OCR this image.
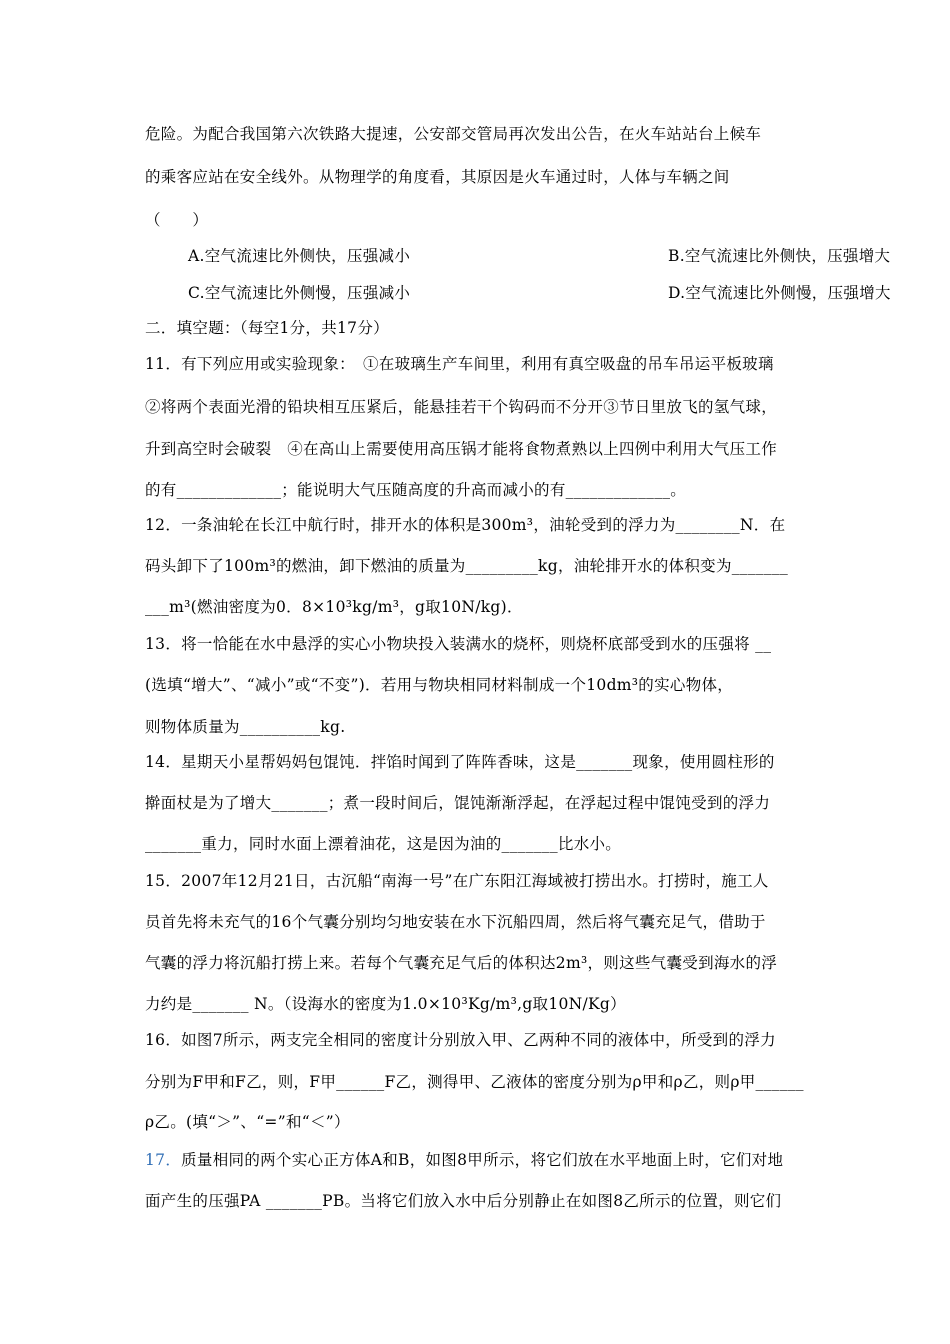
危险。为配合我国第六次铁路大提速，公安部交管局再次发出公告，在火车站站台上候车
的乘客应站在安全线外。从物理学的角度看，其原因是火车通过时，人体与车辆之间
（　　）
A.空气流速比外侧快，压强减小	B.空气流速比外侧快，压强增大
C.空气流速比外侧慢，压强减小	D.空气流速比外侧慢，压强增大
二．填空题：（每空1分，共17分）
11．有下列应用或实验现象：　①在玻璃生产车间里，利用有真空吸盘的吊车吊运平板玻璃
②将两个表面光滑的铅块相互压紧后，能悬挂若干个钩码而不分开③节日里放飞的氢气球，
升到高空时会破裂　④在高山上需要使用高压锅才能将食物煮熟以上四例中利用大气压工作
的有_____________；能说明大气压随高度的升高而减小的有_____________。
12．一条油轮在长江中航行时，排开水的体积是300m³，油轮受到的浮力为________N．在
码头卸下了100m³的燃油，卸下燃油的质量为_________kg，油轮排开水的体积变为_______
___m³(燃油密度为0．8×10³kg/m³，g取10N/kg)．
13．将一恰能在水中悬浮的实心小物块投入装满水的烧杯，则烧杯底部受到水的压强将 __
(选填“增大”、“减小”或“不变”)．若用与物块相同材料制成一个10dm³的实心物体，
则物体质量为__________kg.
14．星期天小星帮妈妈包馄饨．拌馅时闻到了阵阵香味，这是_______现象，使用圆柱形的
擀面杖是为了增大_______；煮一段时间后，馄饨渐渐浮起，在浮起过程中馄饨受到的浮力
_______重力，同时水面上漂着油花，这是因为油的_______比水小。
15．2007年12月21日，古沉船“南海一号”在广东阳江海域被打捞出水。打捞时，施工人
员首先将未充气的16个气囊分别均匀地安装在水下沉船四周，然后将气囊充足气，借助于
气囊的浮力将沉船打捞上来。若每个气囊充足气后的体积达2m³，则这些气囊受到海水的浮
力约是_______ N。（设海水的密度为1.0×10³Kg/m³,g取10N/Kg）
16．如图7所示，两支完全相同的密度计分别放入甲、乙两种不同的液体中，所受到的浮力
分别为F甲和F乙，则，F甲______F乙，测得甲、乙液体的密度分别为ρ甲和ρ乙，则ρ甲______
ρ乙。(填“＞”、“=”和“＜”）
17．质量相同的两个实心正方体A和B，如图8甲所示，将它们放在水平地面上时，它们对地
面产生的压强PA _______PB。当将它们放入水中后分别静止在如图8乙所示的位置，则它们
